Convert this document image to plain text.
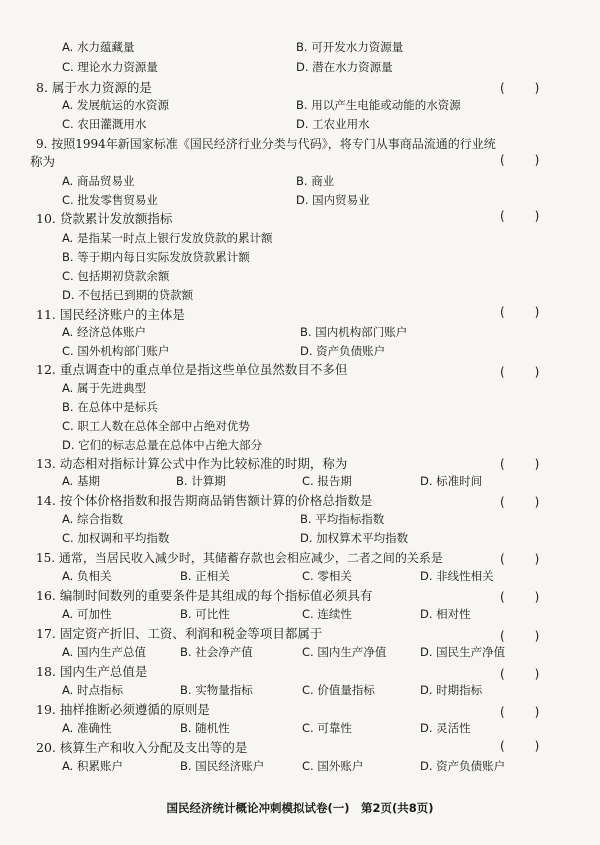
A. 水力蕴藏量	B. 可开发水力资源量
C. 理论水力资源量	D. 潜在水力资源量
8. 属于水力资源的是	(　　)
A. 发展航运的水资源	B. 用以产生电能或动能的水资源
C. 农田灌溉用水	D. 工农业用水
9. 按照1994年新国家标准《国民经济行业分类与代码》，将专门从事商品流通的行业统
称为	(　　)
A. 商品贸易业	B. 商业
C. 批发零售贸易业	D. 国内贸易业
10. 贷款累计发放额指标	(　　)
A. 是指某一时点上银行发放贷款的累计额
B. 等于期内每日实际发放贷款累计额
C. 包括期初贷款余额
D. 不包括已到期的贷款额
11. 国民经济账户的主体是	(　　)
A. 经济总体账户	B. 国内机构部门账户
C. 国外机构部门账户	D. 资产负债账户
12. 重点调查中的重点单位是指这些单位虽然数目不多但	(　　)
A. 属于先进典型
B. 在总体中是标兵
C. 职工人数在总体全部中占绝对优势
D. 它们的标志总量在总体中占绝大部分
13. 动态相对指标计算公式中作为比较标准的时期，称为	(　　)
A. 基期	B. 计算期	C. 报告期	D. 标准时间
14. 按个体价格指数和报告期商品销售额计算的价格总指数是	(　　)
A. 综合指数	B. 平均指标指数
C. 加权调和平均指数	D. 加权算术平均指数
15. 通常，当居民收入减少时，其储蓄存款也会相应减少，二者之间的关系是	(　　)
A. 负相关	B. 正相关	C. 零相关	D. 非线性相关
16. 编制时间数列的重要条件是其组成的每个指标值必须具有	(　　)
A. 可加性	B. 可比性	C. 连续性	D. 相对性
17. 固定资产折旧、工资、利润和税金等项目都属于	(　　)
A. 国内生产总值	B. 社会净产值	C. 国内生产净值	D. 国民生产净值
18. 国内生产总值是	(　　)
A. 时点指标	B. 实物量指标	C. 价值量指标	D. 时期指标
19. 抽样推断必须遵循的原则是	(　　)
A. 准确性	B. 随机性	C. 可靠性	D. 灵活性
20. 核算生产和收入分配及支出等的是	(　　)
A. 积累账户	B. 国民经济账户	C. 国外账户	D. 资产负债账户
国民经济统计概论冲刺模拟试卷(一)　第2页(共8页)
